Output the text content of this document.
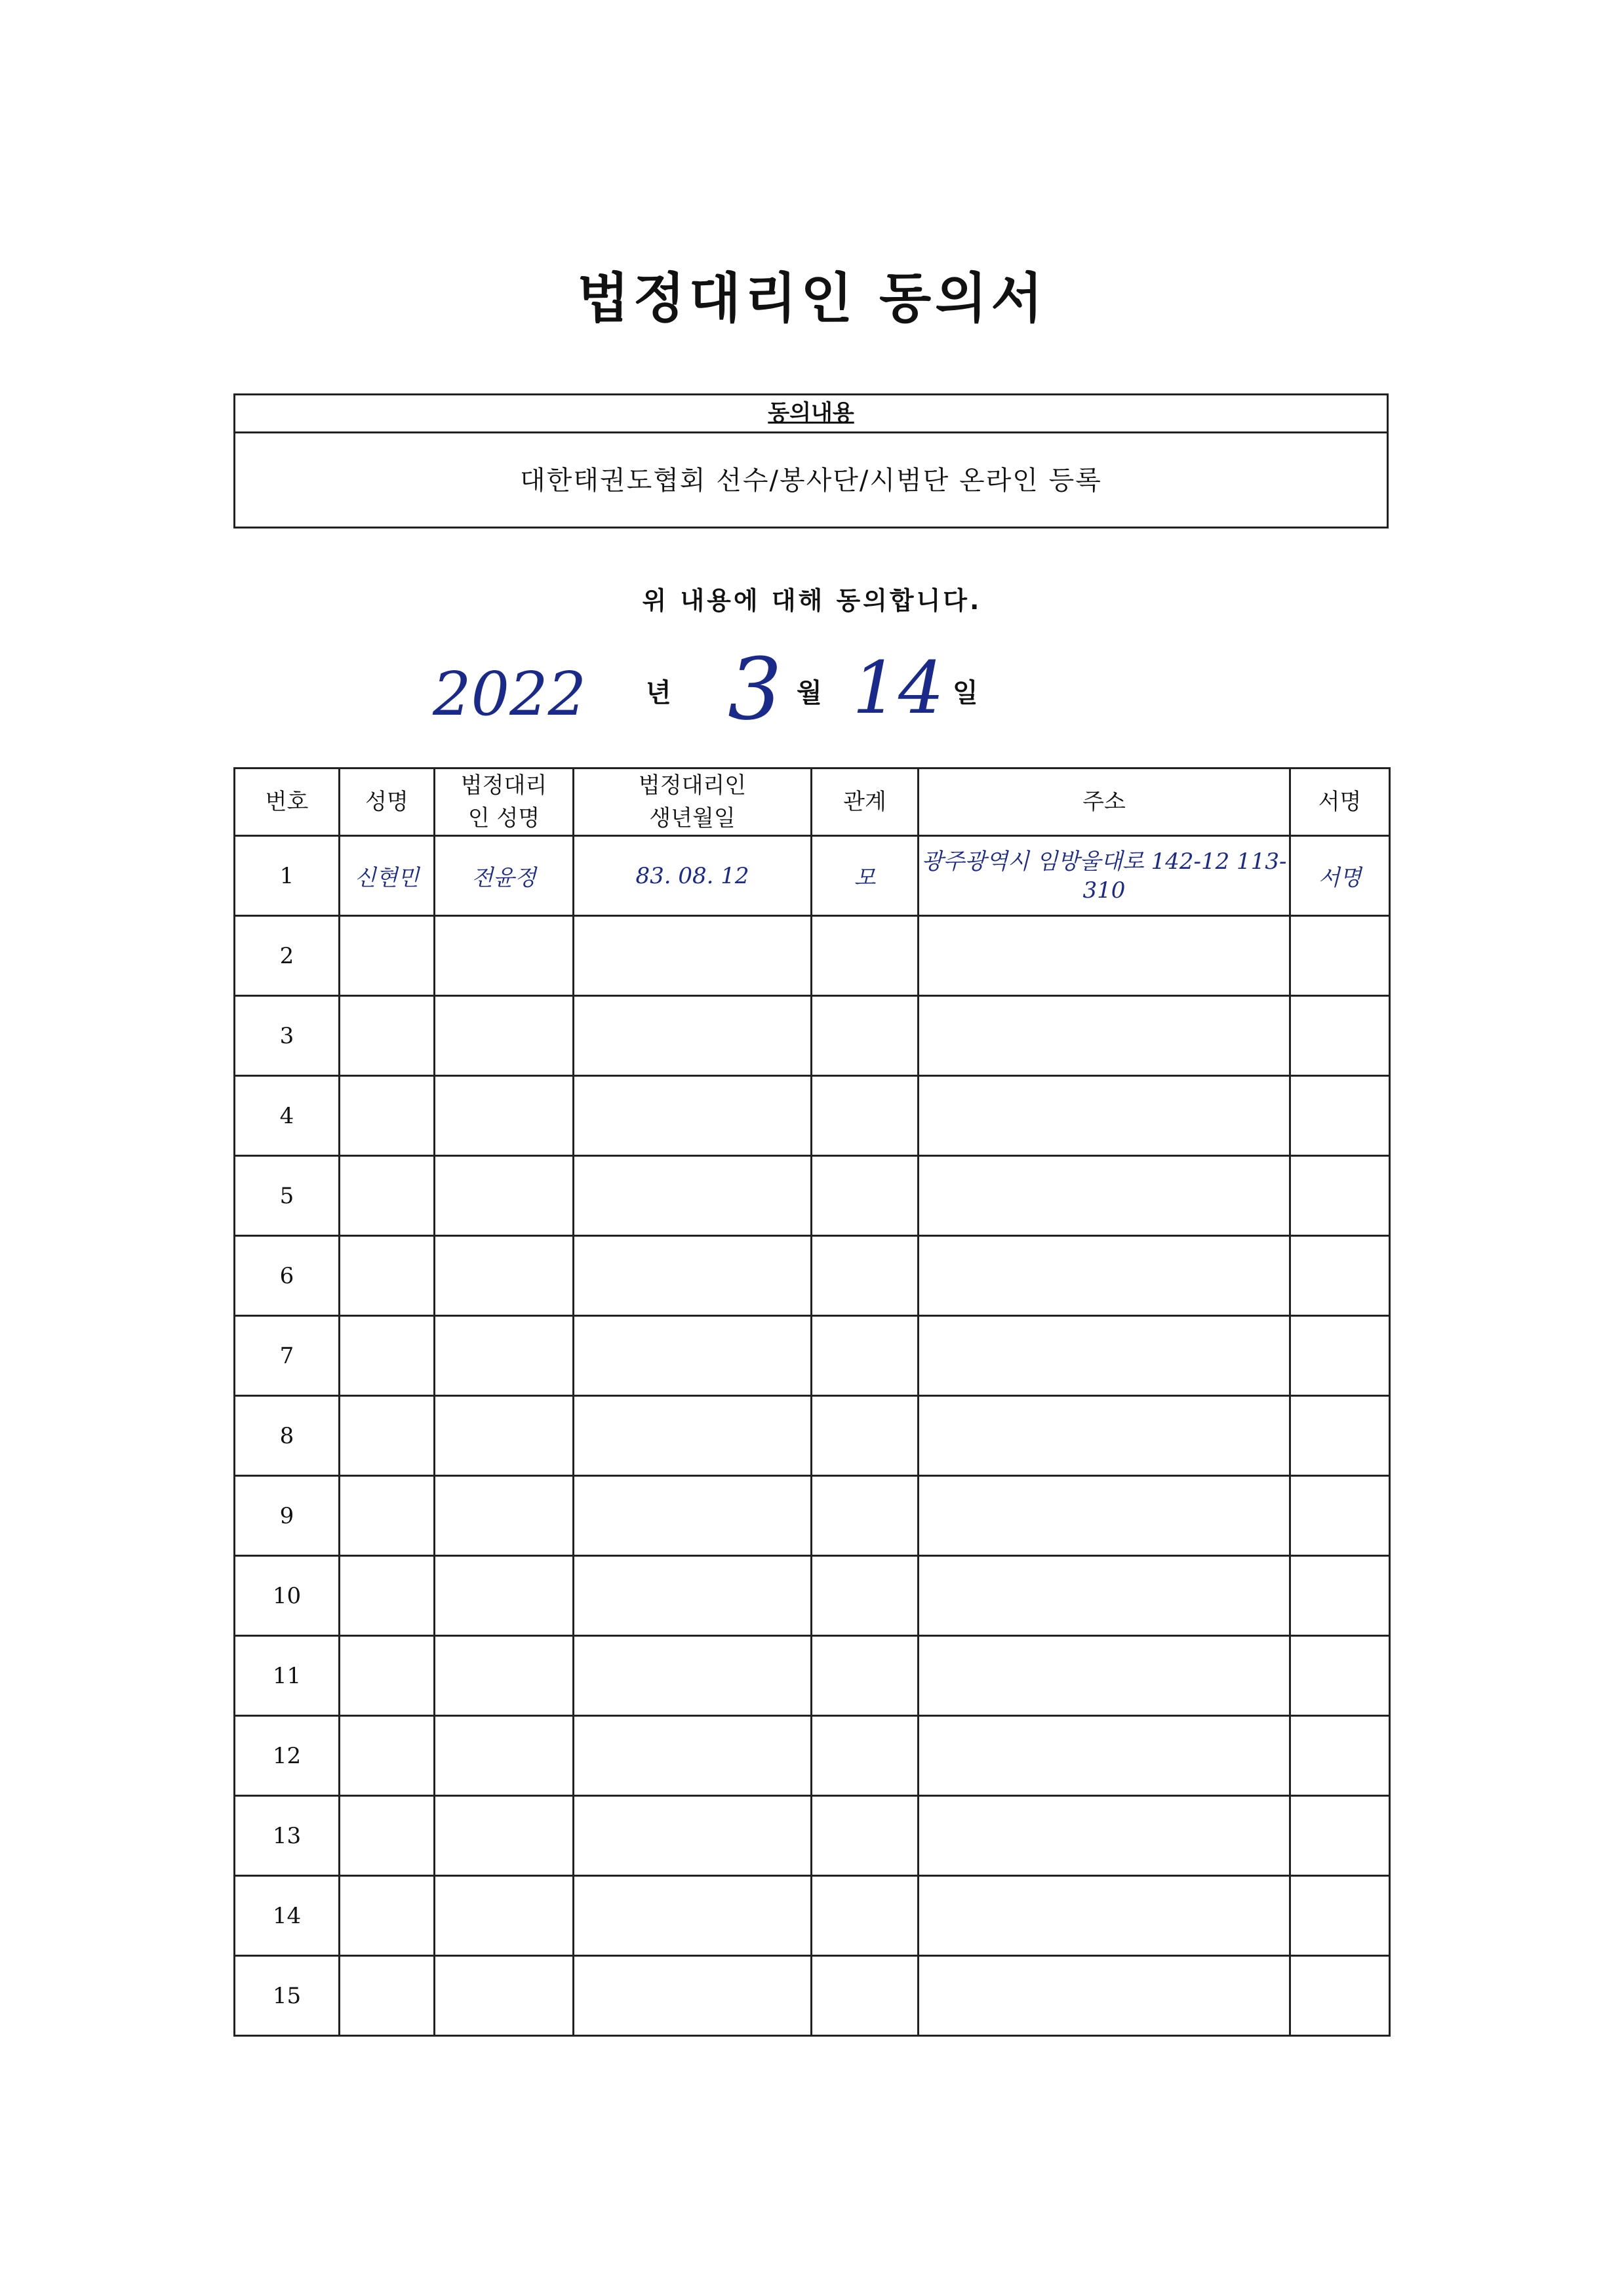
법정대리인 동의서
동의내용
대한태권도협회 선수/봉사단/시범단 온라인 등록
위 내용에 대해 동의합니다.
2022 년 3 월 14 일
번호	성명	법정대리인 성명	법정대리인 생년월일	관계	주소	서명
1	신현민	전윤정	83. 08. 12	모	광주광역시 임방울대로 142-12 113-310	서명
2						
3						
4						
5						
6						
7						
8						
9						
10						
11						
12						
13						
14						
15						
